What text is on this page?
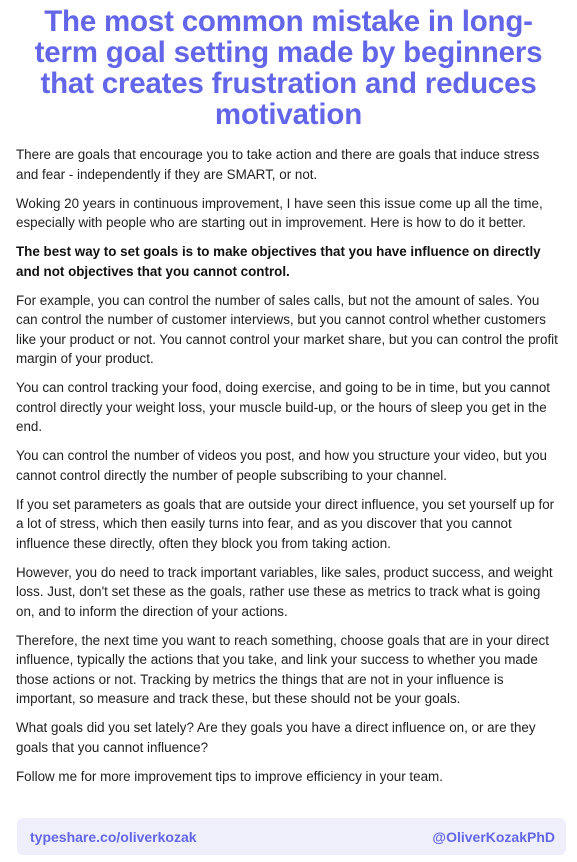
The most common mistake in long-term goal setting made by beginners that creates frustration and reduces motivation

There are goals that encourage you to take action and there are goals that induce stress and fear - independently if they are SMART, or not.

Woking 20 years in continuous improvement, I have seen this issue come up all the time, especially with people who are starting out in improvement. Here is how to do it better.

The best way to set goals is to make objectives that you have influence on directly and not objectives that you cannot control.

For example, you can control the number of sales calls, but not the amount of sales. You can control the number of customer interviews, but you cannot control whether customers like your product or not. You cannot control your market share, but you can control the profit margin of your product.

You can control tracking your food, doing exercise, and going to be in time, but you cannot control directly your weight loss, your muscle build-up, or the hours of sleep you get in the end.

You can control the number of videos you post, and how you structure your video, but you cannot control directly the number of people subscribing to your channel.

If you set parameters as goals that are outside your direct influence, you set yourself up for a lot of stress, which then easily turns into fear, and as you discover that you cannot influence these directly, often they block you from taking action.

However, you do need to track important variables, like sales, product success, and weight loss. Just, don't set these as the goals, rather use these as metrics to track what is going on, and to inform the direction of your actions.

Therefore, the next time you want to reach something, choose goals that are in your direct influence, typically the actions that you take, and link your success to whether you made those actions or not. Tracking by metrics the things that are not in your influence is important, so measure and track these, but these should not be your goals.

What goals did you set lately? Are they goals you have a direct influence on, or are they goals that you cannot influence?

Follow me for more improvement tips to improve efficiency in your team.

typeshare.co/oliverkozak	@OliverKozakPhD
